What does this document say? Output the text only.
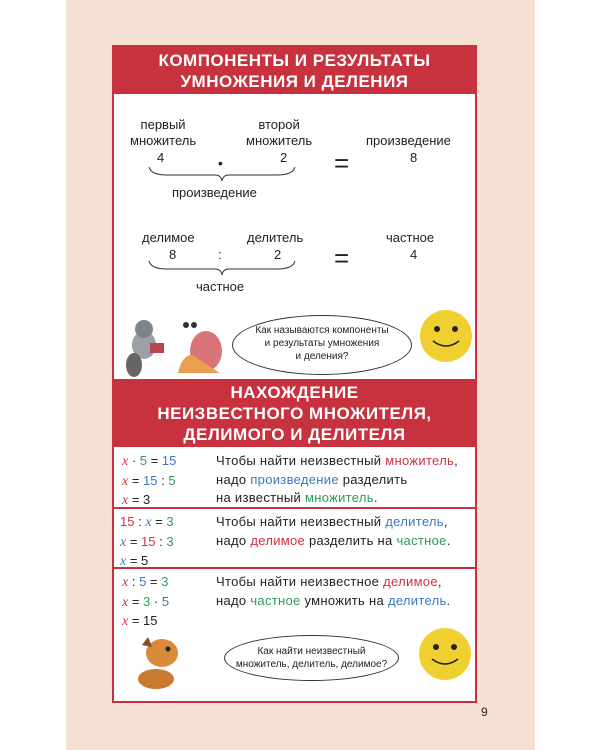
КОМПОНЕНТЫ И РЕЗУЛЬТАТЫ
УМНОЖЕНИЯ И ДЕЛЕНИЯ
первый
множитель
второй
множитель
4	•	2 =
произведение
8
произведение
делимое	делитель
8	:	2 =
частное
4
частное
Как называются компоненты
и результаты умножения
и деления?
НАХОЖДЕНИЕ
НЕИЗВЕСТНОГО МНОЖИТЕЛЯ,
ДЕЛИМОГО И ДЕЛИТЕЛЯ
x · 5 = 15
x = 15 : 5
x = 3
Чтобы найти неизвестный множитель,
надо произведение разделить
на известный множитель.
15 : x = 3
x = 15 : 3
x = 5
Чтобы найти неизвестный делитель,
надо делимое разделить на частное.
x : 5 = 3
x = 3 · 5
x = 15
Чтобы найти неизвестное делимое,
надо частное умножить на делитель.
Как найти неизвестный
множитель, делитель, делимое?
9
